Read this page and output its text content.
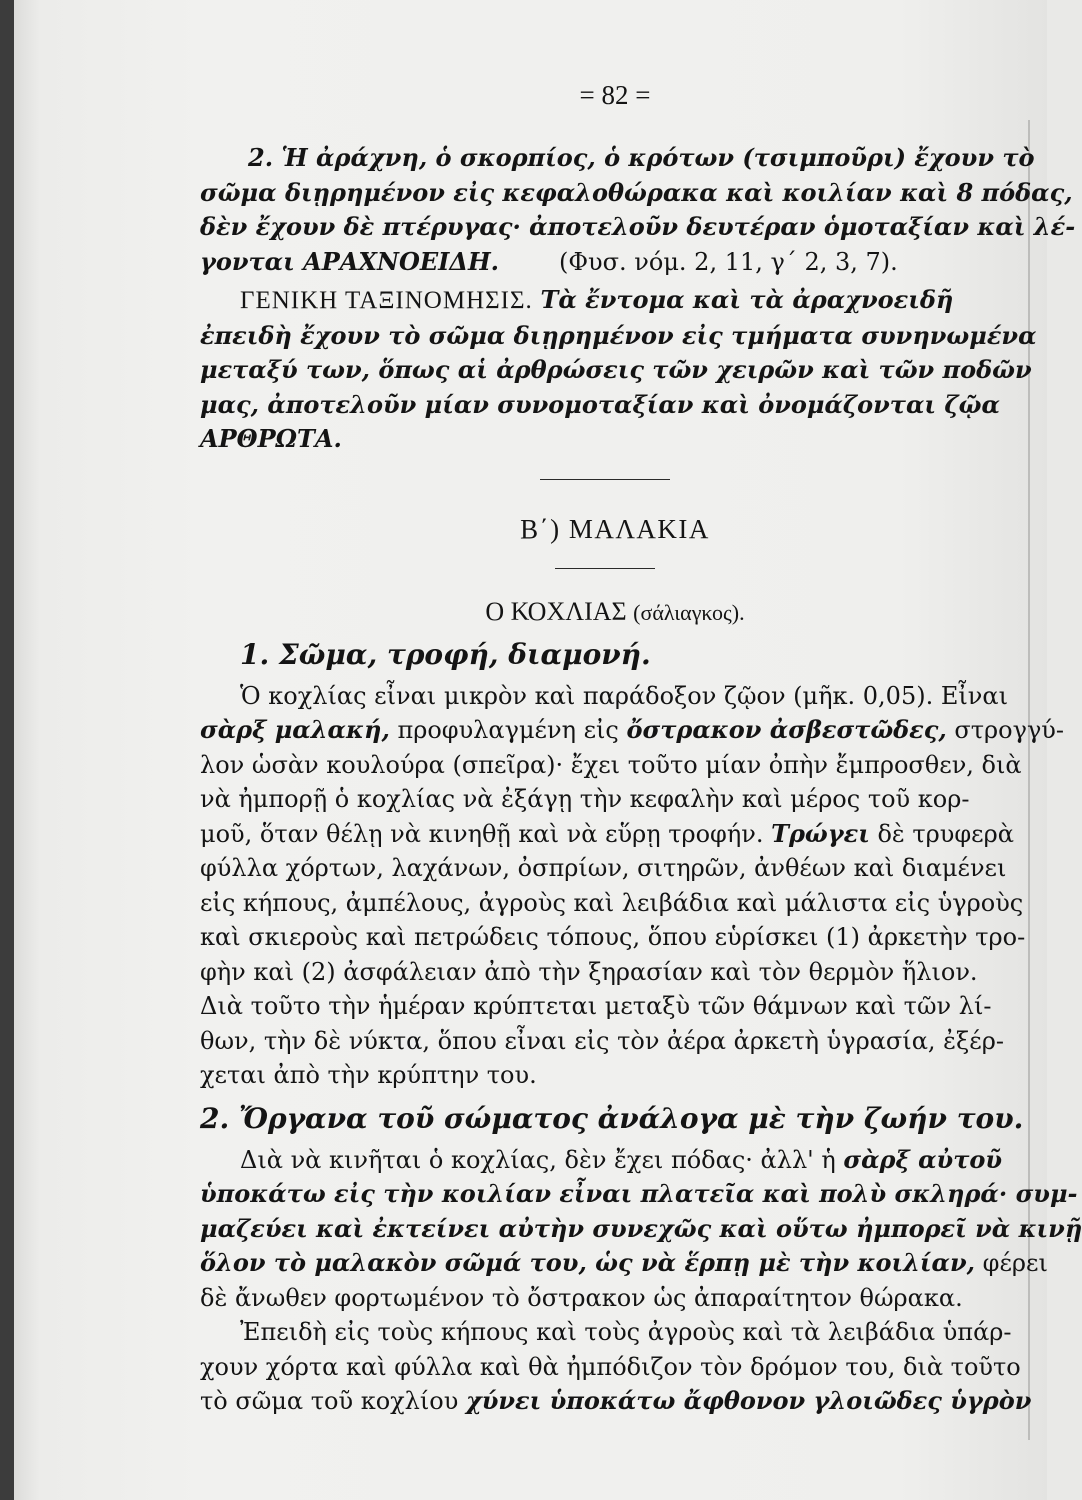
= 82 =

2. Ἡ ἀράχνη, ὁ σκορπίος, ὁ κρότων (τσιμποῦρι) ἔχουν τὸ

σῶμα διῃρημένον εἰς κεφαλοθώρακα καὶ κοιλίαν καὶ 8 πόδας,

δὲν ἔχουν δὲ πτέρυγας· ἀποτελοῦν δευτέραν ὁμοταξίαν καὶ λέ-

γονται ΑΡΑΧΝΟΕΙΔΗ.	(Φυσ. νόμ. 2, 11, γ΄ 2, 3, 7).

ΓΕΝΙΚΗ ΤΑΞΙΝΟΜΗΣΙΣ. Τὰ ἔντομα καὶ τὰ ἀραχνοειδῆ

ἐπειδὴ ἔχουν τὸ σῶμα διῃρημένον εἰς τμήματα συνηνωμένα

μεταξύ των, ὅπως αἱ ἀρθρώσεις τῶν χειρῶν καὶ τῶν ποδῶν

μας, ἀποτελοῦν μίαν συνομοταξίαν καὶ ὀνομάζονται ζῷα

ΑΡΘΡΩΤΑ.

Β΄) ΜΑΛΑΚΙΑ
Ο ΚΟΧΛΙΑΣ (σάλιαγκος).
1. Σῶμα, τροφή, διαμονή.

Ὁ κοχλίας εἶναι μικρὸν καὶ παράδοξον ζῷον (μῆκ. 0,05). Εἶναι

σὰρξ μαλακή, προφυλαγμένη εἰς ὄστρακον ἀσβεστῶδες, στρογγύ-

λον ὡσὰν κουλούρα (σπεῖρα)· ἔχει τοῦτο μίαν ὀπὴν ἔμπροσθεν, διὰ

νὰ ἠμπορῇ ὁ κοχλίας νὰ ἐξάγῃ τὴν κεφαλὴν καὶ μέρος τοῦ κορ-

μοῦ, ὅταν θέλῃ νὰ κινηθῇ καὶ νὰ εὕρῃ τροφήν. Τρώγει δὲ τρυφερὰ

φύλλα χόρτων, λαχάνων, ὀσπρίων, σιτηρῶν, ἀνθέων καὶ διαμένει

εἰς κήπους, ἀμπέλους, ἀγροὺς καὶ λειβάδια καὶ μάλιστα εἰς ὑγροὺς

καὶ σκιεροὺς καὶ πετρώδεις τόπους, ὅπου εὑρίσκει (1) ἀρκετὴν τρο-

φὴν καὶ (2) ἀσφάλειαν ἀπὸ τὴν ξηρασίαν καὶ τὸν θερμὸν ἥλιον.

Διὰ τοῦτο τὴν ἡμέραν κρύπτεται μεταξὺ τῶν θάμνων καὶ τῶν λί-

θων, τὴν δὲ νύκτα, ὅπου εἶναι εἰς τὸν ἀέρα ἀρκετὴ ὑγρασία, ἐξέρ-

χεται ἀπὸ τὴν κρύπτην του.

2. Ὄργανα τοῦ σώματος ἀνάλογα μὲ τὴν ζωήν του.

Διὰ νὰ κινῆται ὁ κοχλίας, δὲν ἔχει πόδας· ἀλλ' ἡ σὰρξ αὐτοῦ

ὑποκάτω εἰς τὴν κοιλίαν εἶναι πλατεῖα καὶ πολὺ σκληρά· συμ-

μαζεύει καὶ ἐκτείνει αὐτὴν συνεχῶς καὶ οὕτω ἠμπορεῖ νὰ κινῇ

ὅλον τὸ μαλακὸν σῶμά του, ὡς νὰ ἕρπῃ μὲ τὴν κοιλίαν, φέρει

δὲ ἄνωθεν φορτωμένον τὸ ὄστρακον ὡς ἀπαραίτητον θώρακα.

Ἐπειδὴ εἰς τοὺς κήπους καὶ τοὺς ἀγροὺς καὶ τὰ λειβάδια ὑπάρ-

χουν χόρτα καὶ φύλλα καὶ θὰ ἠμπόδιζον τὸν δρόμον του, διὰ τοῦτο

τὸ σῶμα τοῦ κοχλίου χύνει ὑποκάτω ἄφθονον γλοιῶδες ὑγρὸν
